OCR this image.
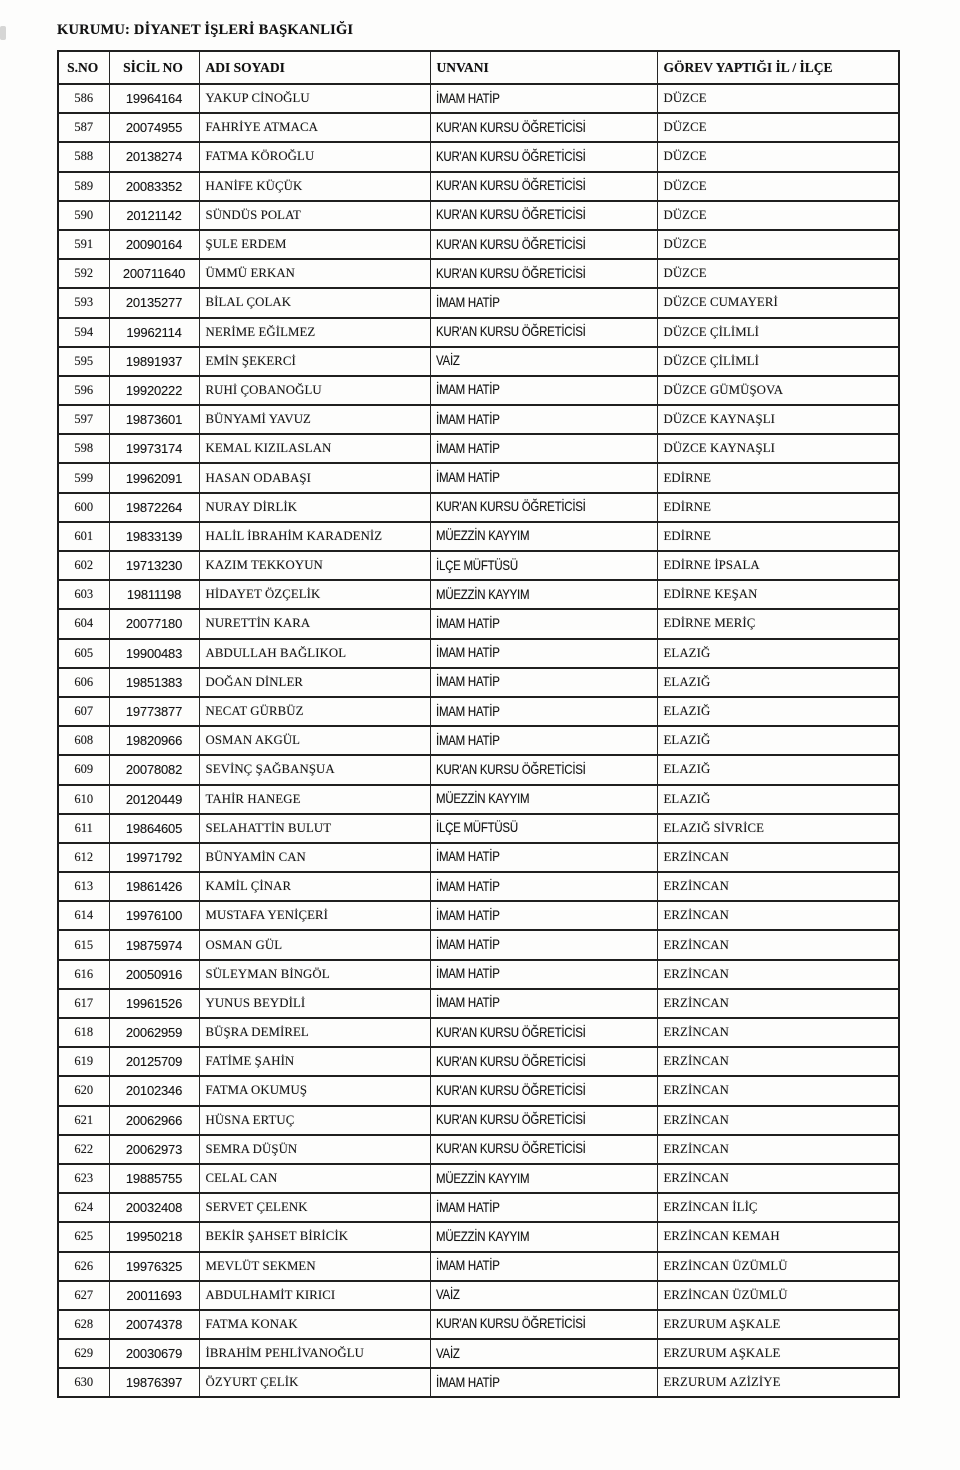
KURUMU: DİYANET İŞLERİ BAŞKANLIĞI
S.NO	SİCİL NO	ADI SOYADI	UNVANI	GÖREV YAPTIĞI İL / İLÇE
586	19964164	YAKUP CİNOĞLU	İMAM HATİP	DÜZCE
587	20074955	FAHRİYE ATMACA	KUR'AN KURSU ÖĞRETİCİSİ	DÜZCE
588	20138274	FATMA KÖROĞLU	KUR'AN KURSU ÖĞRETİCİSİ	DÜZCE
589	20083352	HANİFE KÜÇÜK	KUR'AN KURSU ÖĞRETİCİSİ	DÜZCE
590	20121142	SÜNDÜS POLAT	KUR'AN KURSU ÖĞRETİCİSİ	DÜZCE
591	20090164	ŞULE ERDEM	KUR'AN KURSU ÖĞRETİCİSİ	DÜZCE
592	200711640	ÜMMÜ ERKAN	KUR'AN KURSU ÖĞRETİCİSİ	DÜZCE
593	20135277	BİLAL ÇOLAK	İMAM HATİP	DÜZCE CUMAYERİ
594	19962114	NERİME EĞİLMEZ	KUR'AN KURSU ÖĞRETİCİSİ	DÜZCE ÇİLİMLİ
595	19891937	EMİN ŞEKERCİ	VAİZ	DÜZCE ÇİLİMLİ
596	19920222	RUHİ ÇOBANOĞLU	İMAM HATİP	DÜZCE GÜMÜŞOVA
597	19873601	BÜNYAMİ YAVUZ	İMAM HATİP	DÜZCE KAYNAŞLI
598	19973174	KEMAL KIZILASLAN	İMAM HATİP	DÜZCE KAYNAŞLI
599	19962091	HASAN ODABAŞI	İMAM HATİP	EDİRNE
600	19872264	NURAY DİRLİK	KUR'AN KURSU ÖĞRETİCİSİ	EDİRNE
601	19833139	HALİL İBRAHİM KARADENİZ	MÜEZZİN KAYYIM	EDİRNE
602	19713230	KAZIM TEKKOYUN	İLÇE MÜFTÜSÜ	EDİRNE İPSALA
603	19811198	HİDAYET ÖZÇELİK	MÜEZZİN KAYYIM	EDİRNE KEŞAN
604	20077180	NURETTİN KARA	İMAM HATİP	EDİRNE MERİÇ
605	19900483	ABDULLAH BAĞLIKOL	İMAM HATİP	ELAZIĞ
606	19851383	DOĞAN DİNLER	İMAM HATİP	ELAZIĞ
607	19773877	NECAT GÜRBÜZ	İMAM HATİP	ELAZIĞ
608	19820966	OSMAN AKGÜL	İMAM HATİP	ELAZIĞ
609	20078082	SEVİNÇ ŞAĞBANŞUA	KUR'AN KURSU ÖĞRETİCİSİ	ELAZIĞ
610	20120449	TAHİR HANEGE	MÜEZZİN KAYYIM	ELAZIĞ
611	19864605	SELAHATTİN BULUT	İLÇE MÜFTÜSÜ	ELAZIĞ SİVRİCE
612	19971792	BÜNYAMİN CAN	İMAM HATİP	ERZİNCAN
613	19861426	KAMİL ÇİNAR	İMAM HATİP	ERZİNCAN
614	19976100	MUSTAFA YENİÇERİ	İMAM HATİP	ERZİNCAN
615	19875974	OSMAN GÜL	İMAM HATİP	ERZİNCAN
616	20050916	SÜLEYMAN BİNGÖL	İMAM HATİP	ERZİNCAN
617	19961526	YUNUS BEYDİLİ	İMAM HATİP	ERZİNCAN
618	20062959	BÜŞRA DEMİREL	KUR'AN KURSU ÖĞRETİCİSİ	ERZİNCAN
619	20125709	FATİME ŞAHİN	KUR'AN KURSU ÖĞRETİCİSİ	ERZİNCAN
620	20102346	FATMA OKUMUŞ	KUR'AN KURSU ÖĞRETİCİSİ	ERZİNCAN
621	20062966	HÜSNA ERTUÇ	KUR'AN KURSU ÖĞRETİCİSİ	ERZİNCAN
622	20062973	SEMRA DÜŞÜN	KUR'AN KURSU ÖĞRETİCİSİ	ERZİNCAN
623	19885755	CELAL CAN	MÜEZZİN KAYYIM	ERZİNCAN
624	20032408	SERVET ÇELENK	İMAM HATİP	ERZİNCAN İLİÇ
625	19950218	BEKİR ŞAHSET BİRİCİK	MÜEZZİN KAYYIM	ERZİNCAN KEMAH
626	19976325	MEVLÜT SEKMEN	İMAM HATİP	ERZİNCAN ÜZÜMLÜ
627	20011693	ABDULHAMİT KIRICI	VAİZ	ERZİNCAN ÜZÜMLÜ
628	20074378	FATMA KONAK	KUR'AN KURSU ÖĞRETİCİSİ	ERZURUM AŞKALE
629	20030679	İBRAHİM PEHLİVANOĞLU	VAİZ	ERZURUM AŞKALE
630	19876397	ÖZYURT ÇELİK	İMAM HATİP	ERZURUM AZİZİYE
